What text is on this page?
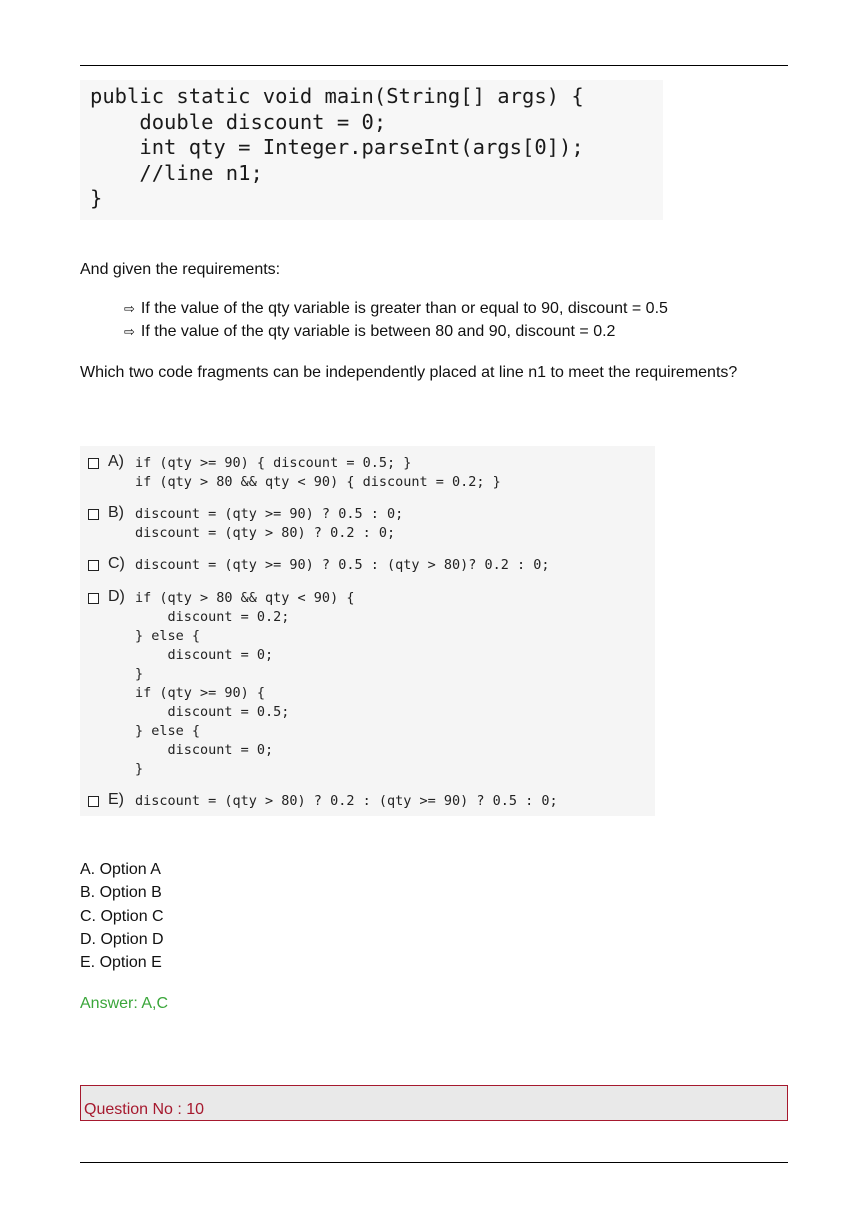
public static void main(String[] args) {
double discount = 0;
int qty = Integer.parseInt(args[0]);
//line n1;
}
And given the requirements:
⇨ If the value of the qty variable is greater than or equal to 90, discount = 0.5
⇨ If the value of the qty variable is between 80 and 90, discount = 0.2
Which two code fragments can be independently placed at line n1 to meet the requirements?
A) if (qty >= 90) { discount = 0.5; }
if (qty > 80 && qty < 90) { discount = 0.2; }
B) discount = (qty >= 90) ? 0.5 : 0;
discount = (qty > 80) ? 0.2 : 0;
C) discount = (qty >= 90) ? 0.5 : (qty > 80)? 0.2 : 0;
D) if (qty > 80 && qty < 90) {
discount = 0.2;
} else {
discount = 0;
}
if (qty >= 90) {
discount = 0.5;
} else {
discount = 0;
}
E) discount = (qty > 80) ? 0.2 : (qty >= 90) ? 0.5 : 0;
A. Option A
B. Option B
C. Option C
D. Option D
E. Option E
Answer: A,C
Question No : 10
